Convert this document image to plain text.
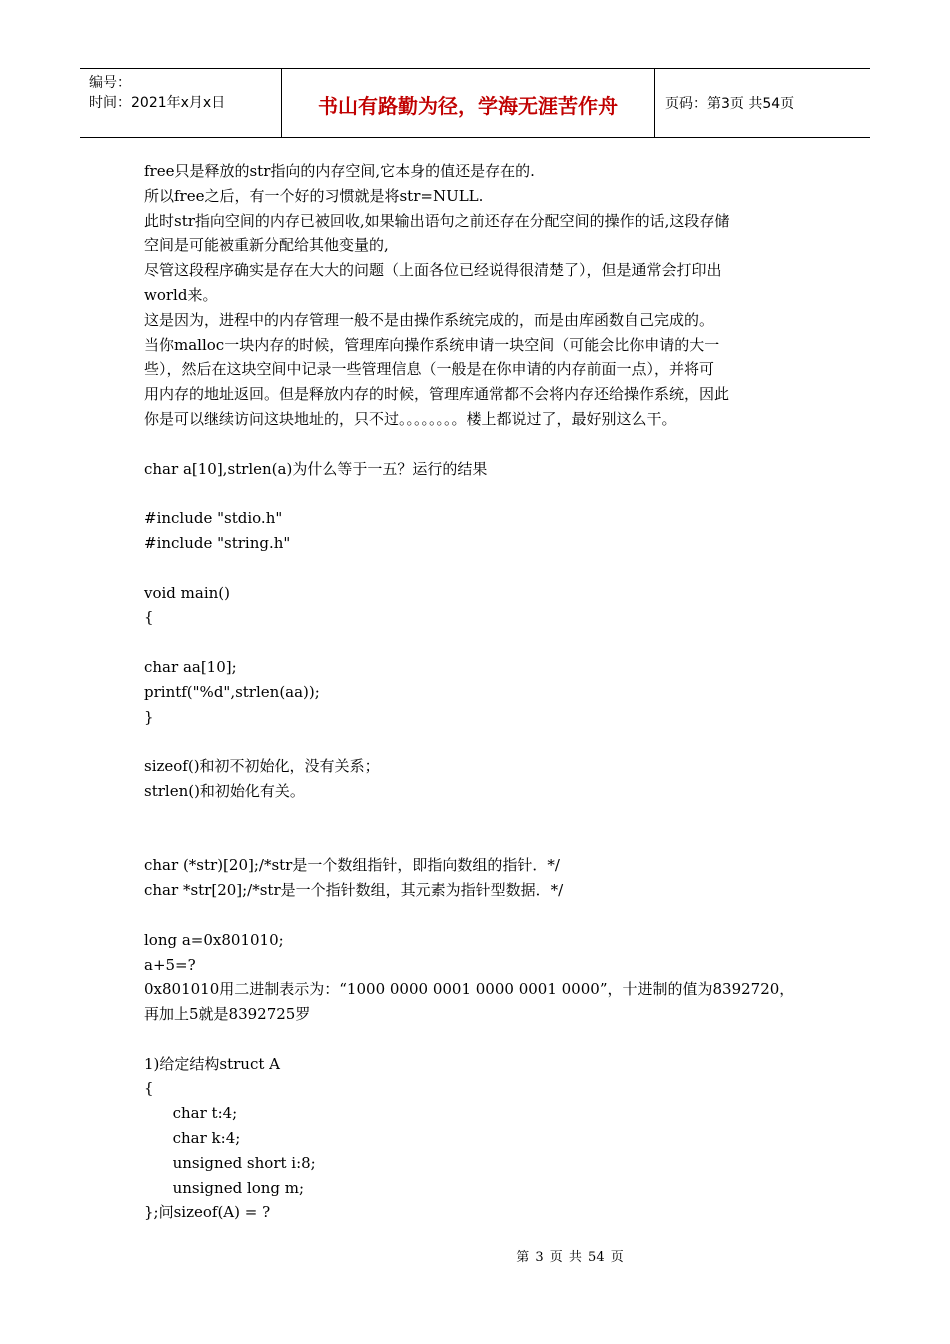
编号：
时间：2021年x月x日	书山有路勤为径，学海无涯苦作舟	页码：第3页 共54页
free只是释放的str指向的内存空间,它本身的值还是存在的.
所以free之后，有一个好的习惯就是将str=NULL.
此时str指向空间的内存已被回收,如果输出语句之前还存在分配空间的操作的话,这段存储
空间是可能被重新分配给其他变量的,
尽管这段程序确实是存在大大的问题（上面各位已经说得很清楚了），但是通常会打印出
world来。
这是因为，进程中的内存管理一般不是由操作系统完成的，而是由库函数自己完成的。
当你malloc一块内存的时候，管理库向操作系统申请一块空间（可能会比你申请的大一
些），然后在这块空间中记录一些管理信息（一般是在你申请的内存前面一点），并将可
用内存的地址返回。但是释放内存的时候，管理库通常都不会将内存还给操作系统，因此
你是可以继续访问这块地址的，只不过。。。。。。。。楼上都说过了，最好别这么干。
char a[10],strlen(a)为什么等于一五？运行的结果
#include "stdio.h"
#include "string.h"
void main()
{
char aa[10];
printf("%d",strlen(aa));
}
sizeof()和初不初始化，没有关系；
strlen()和初始化有关。
char (*str)[20];/*str是一个数组指针，即指向数组的指针．*/
char *str[20];/*str是一个指针数组，其元素为指针型数据．*/
long a=0x801010;
a+5=?
0x801010用二进制表示为：“1000 0000 0001 0000 0001 0000”，十进制的值为8392720，
再加上5就是8392725罗
1)给定结构struct A
{
char t:4;
char k:4;
unsigned short i:8;
unsigned long m;
};问sizeof(A) = ?
第 3 页 共 54 页
